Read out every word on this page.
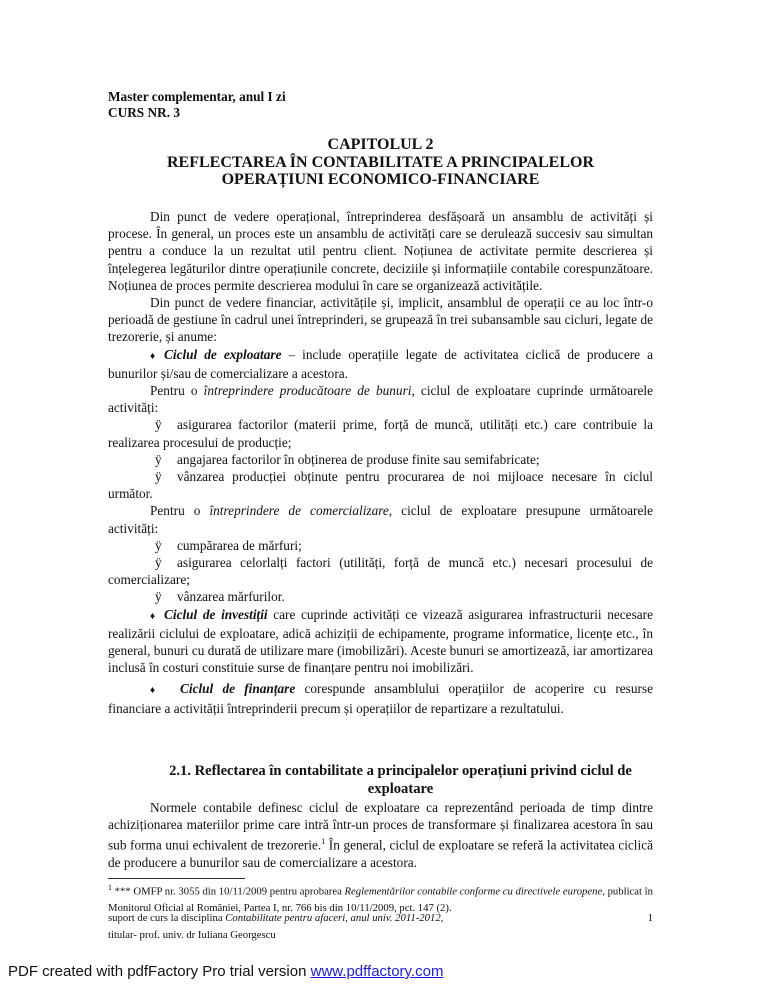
Master complementar, anul I zi
CURS NR. 3
CAPITOLUL 2
REFLECTAREA ÎN CONTABILITATE A PRINCIPALELOR
OPERAȚIUNI ECONOMICO-FINANCIARE

Din punct de vedere operațional, întreprinderea desfășoară un ansamblu de activități și procese. În general, un proces este un ansamblu de activități care se derulează succesiv sau simultan pentru a conduce la un rezultat util pentru client. Noțiunea de activitate permite descrierea și înțelegerea legăturilor dintre operațiunile concrete, deciziile și informațiile contabile corespunzătoare. Noțiunea de proces permite descrierea modului în care se organizează activitățile.

Din punct de vedere financiar, activitățile și, implicit, ansamblul de operații ce au loc într-o perioadă de gestiune în cadrul unei întreprinderi, se grupează în trei subansamble sau cicluri, legate de trezorerie, și anume:

♦ Ciclul de exploatare – include operațiile legate de activitatea ciclică de producere a bunurilor și/sau de comercializare a acestora.

Pentru o întreprindere producătoare de bunuri, ciclul de exploatare cuprinde următoarele activități:

ÿ asigurarea factorilor (materii prime, forță de muncă, utilități etc.) care contribuie la realizarea procesului de producție;

ÿ angajarea factorilor în obținerea de produse finite sau semifabricate;

ÿ vânzarea producției obținute pentru procurarea de noi mijloace necesare în ciclul următor.

Pentru o întreprindere de comercializare, ciclul de exploatare presupune următoarele activități:

ÿ cumpărarea de mărfuri;

ÿ asigurarea celorlalți factori (utilități, forță de muncă etc.) necesari procesului de comercializare;

ÿ vânzarea mărfurilor.

♦ Ciclul de investiții care cuprinde activități ce vizează asigurarea infrastructurii necesare realizării ciclului de exploatare, adică achiziții de echipamente, programe informatice, licențe etc., în general, bunuri cu durată de utilizare mare (imobilizări). Aceste bunuri se amortizează, iar amortizarea inclusă în costuri constituie surse de finanțare pentru noi imobilizări.

♦ Ciclul de finanțare corespunde ansamblului operațiilor de acoperire cu resurse financiare a activității întreprinderii precum și operațiilor de repartizare a rezultatului.

2.1. Reflectarea în contabilitate a principalelor operațiuni privind ciclul de exploatare

Normele contabile definesc ciclul de exploatare ca reprezentând perioada de timp dintre achiziționarea materiilor prime care intră într-un proces de transformare și finalizarea acestora în sau sub forma unui echivalent de trezorerie.$^1$ În general, ciclul de exploatare se referă la activitatea ciclică de producere a bunurilor sau de comercializare a acestora.

$^1$ *** OMFP nr. 3055 din 10/11/2009 pentru aprobarea Reglementărilor contabile conforme cu directivele europene, publicat în Monitorul Oficial al României, Partea I, nr. 766 bis din 10/11/2009, pct. 147 (2).

suport de curs la disciplina Contabilitate pentru afaceri, anul univ. 2011-2012,	1
titular- prof. univ. dr Iuliana Georgescu
PDF created with pdfFactory Pro trial version www.pdffactory.com
